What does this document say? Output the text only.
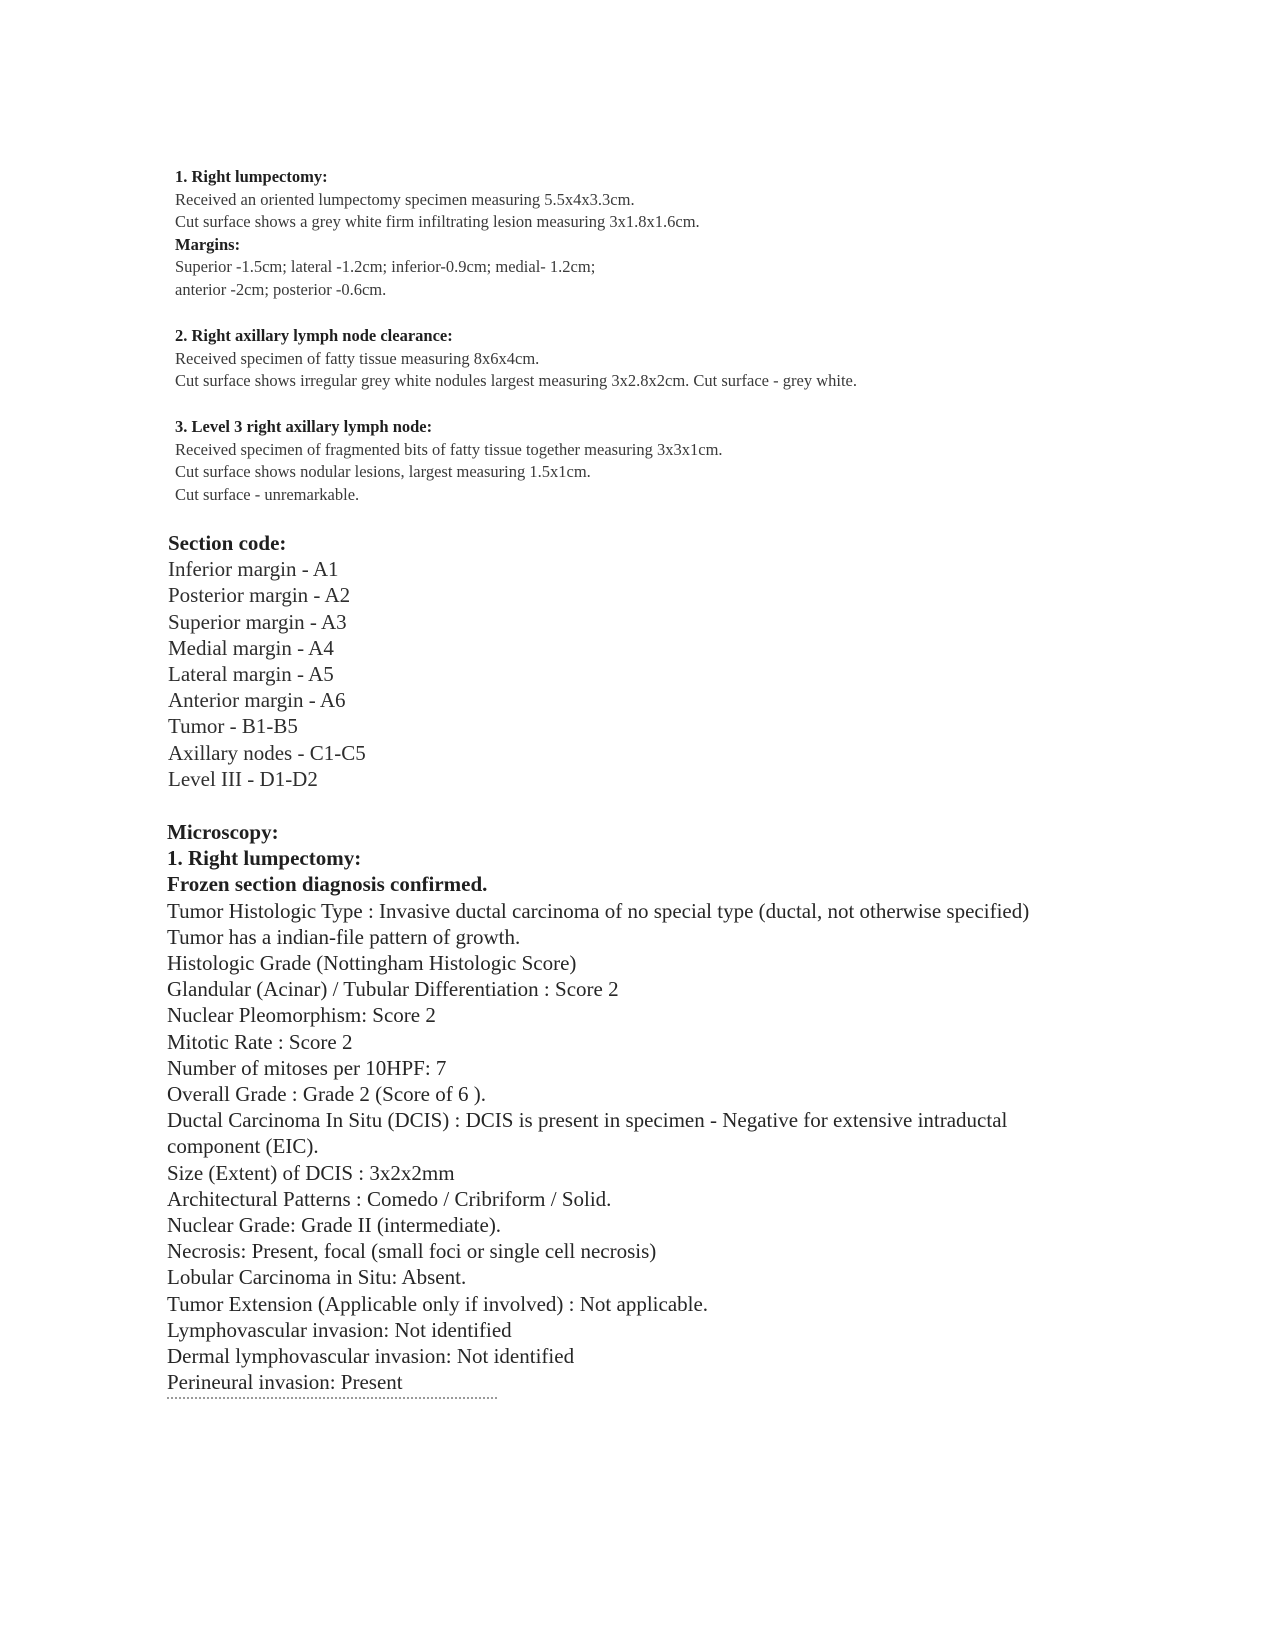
1. Right lumpectomy:
Received an oriented lumpectomy specimen measuring 5.5x4x3.3cm.
Cut surface shows a grey white firm infiltrating lesion measuring 3x1.8x1.6cm.
Margins:
Superior -1.5cm; lateral -1.2cm; inferior-0.9cm; medial- 1.2cm;
anterior -2cm; posterior -0.6cm.
2. Right axillary lymph node clearance:
Received specimen of fatty tissue measuring 8x6x4cm.
Cut surface shows irregular grey white nodules largest measuring 3x2.8x2cm. Cut surface - grey white.
3. Level 3 right axillary lymph node:
Received specimen of fragmented bits of fatty tissue together measuring 3x3x1cm.
Cut surface shows nodular lesions, largest measuring 1.5x1cm.
Cut surface - unremarkable.
Section code:
Inferior margin - A1
Posterior margin - A2
Superior margin - A3
Medial margin - A4
Lateral margin - A5
Anterior margin - A6
Tumor - B1-B5
Axillary nodes - C1-C5
Level III - D1-D2
Microscopy:
1. Right lumpectomy:
Frozen section diagnosis confirmed.
Tumor Histologic Type : Invasive ductal carcinoma of no special type (ductal, not otherwise specified)
Tumor has a indian-file pattern of growth.
Histologic Grade (Nottingham Histologic Score)
Glandular (Acinar) / Tubular Differentiation : Score 2
Nuclear Pleomorphism: Score 2
Mitotic Rate : Score 2
Number of mitoses per 10HPF: 7
Overall Grade : Grade 2 (Score of 6 ).
Ductal Carcinoma In Situ (DCIS) : DCIS is present in specimen - Negative for extensive intraductal
component (EIC).
Size (Extent) of DCIS : 3x2x2mm
Architectural Patterns : Comedo / Cribriform / Solid.
Nuclear Grade: Grade II (intermediate).
Necrosis: Present, focal (small foci or single cell necrosis)
Lobular Carcinoma in Situ: Absent.
Tumor Extension (Applicable only if involved) : Not applicable.
Lymphovascular invasion: Not identified
Dermal lymphovascular invasion: Not identified
Perineural invasion: Present
